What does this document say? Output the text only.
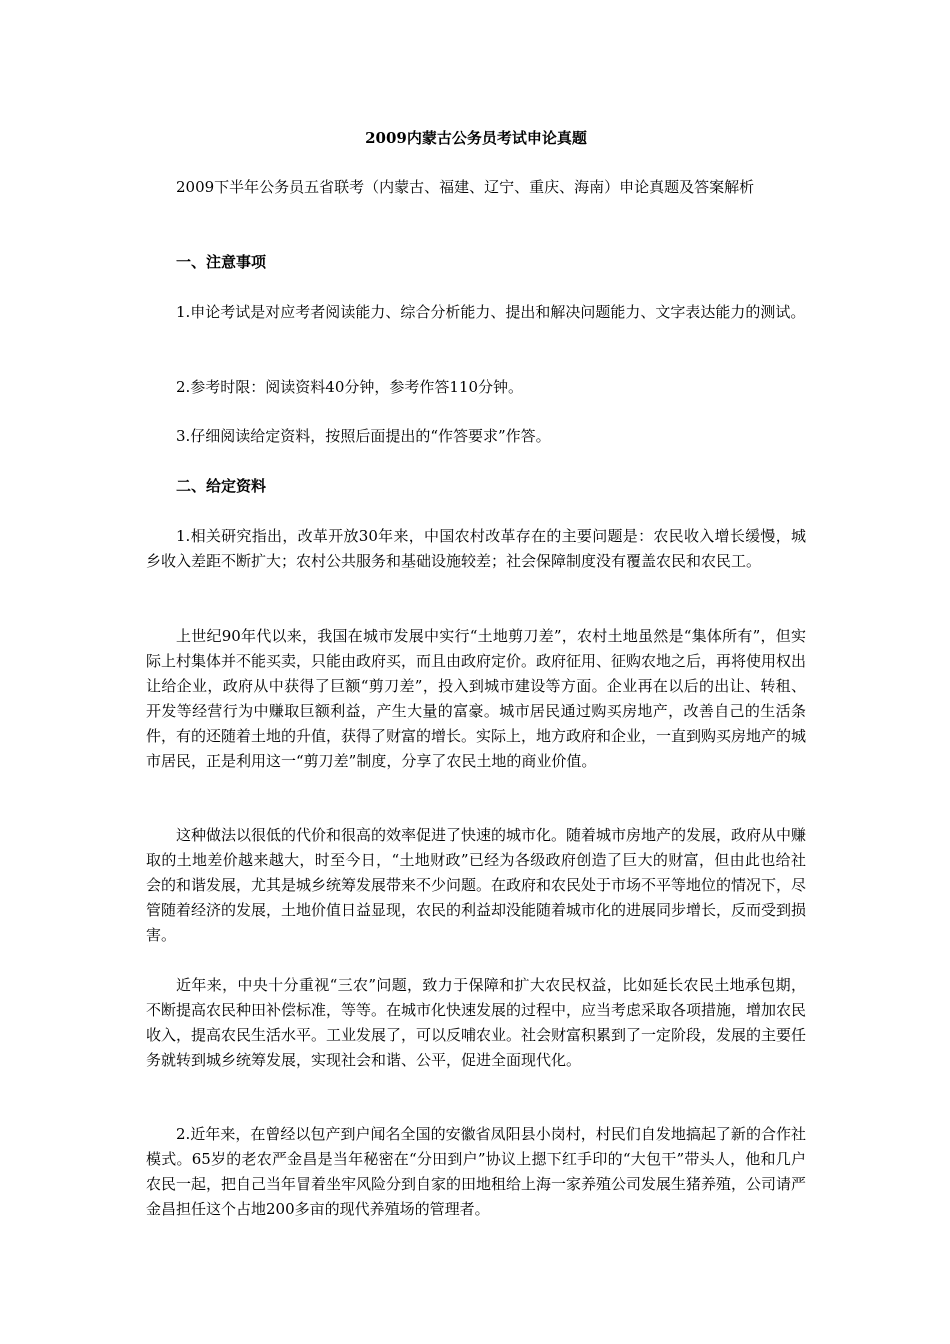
2009内蒙古公务员考试申论真题

2009下半年公务员五省联考（内蒙古、福建、辽宁、重庆、海南）申论真题及答案解析

一、注意事项

1.申论考试是对应考者阅读能力、综合分析能力、提出和解决问题能力、文字表达能力的测试。

2.参考时限：阅读资料40分钟，参考作答110分钟。

3.仔细阅读给定资料，按照后面提出的“作答要求”作答。

二、给定资料

1.相关研究指出，改革开放30年来，中国农村改革存在的主要问题是：农民收入增长缓慢，城乡收入差距不断扩大；农村公共服务和基础设施较差；社会保障制度没有覆盖农民和农民工。

上世纪90年代以来，我国在城市发展中实行“土地剪刀差”，农村土地虽然是“集体所有”，但实际上村集体并不能买卖，只能由政府买，而且由政府定价。政府征用、征购农地之后，再将使用权出让给企业，政府从中获得了巨额“剪刀差”，投入到城市建设等方面。企业再在以后的出让、转租、开发等经营行为中赚取巨额利益，产生大量的富豪。城市居民通过购买房地产，改善自己的生活条件，有的还随着土地的升值，获得了财富的增长。实际上，地方政府和企业，一直到购买房地产的城市居民，正是利用这一“剪刀差”制度，分享了农民土地的商业价值。

这种做法以很低的代价和很高的效率促进了快速的城市化。随着城市房地产的发展，政府从中赚取的土地差价越来越大，时至今日，“土地财政”已经为各级政府创造了巨大的财富，但由此也给社会的和谐发展，尤其是城乡统筹发展带来不少问题。在政府和农民处于市场不平等地位的情况下，尽管随着经济的发展，土地价值日益显现，农民的利益却没能随着城市化的进展同步增长，反而受到损害。

近年来，中央十分重视“三农”问题，致力于保障和扩大农民权益，比如延长农民土地承包期，不断提高农民种田补偿标准，等等。在城市化快速发展的过程中，应当考虑采取各项措施，增加农民收入，提高农民生活水平。工业发展了，可以反哺农业。社会财富积累到了一定阶段，发展的主要任务就转到城乡统筹发展，实现社会和谐、公平，促进全面现代化。

2.近年来，在曾经以包产到户闻名全国的安徽省凤阳县小岗村，村民们自发地搞起了新的合作社模式。65岁的老农严金昌是当年秘密在“分田到户”协议上摁下红手印的“大包干”带头人，他和几户农民一起，把自己当年冒着坐牢风险分到自家的田地租给上海一家养殖公司发展生猪养殖，公司请严金昌担任这个占地200多亩的现代养殖场的管理者。
